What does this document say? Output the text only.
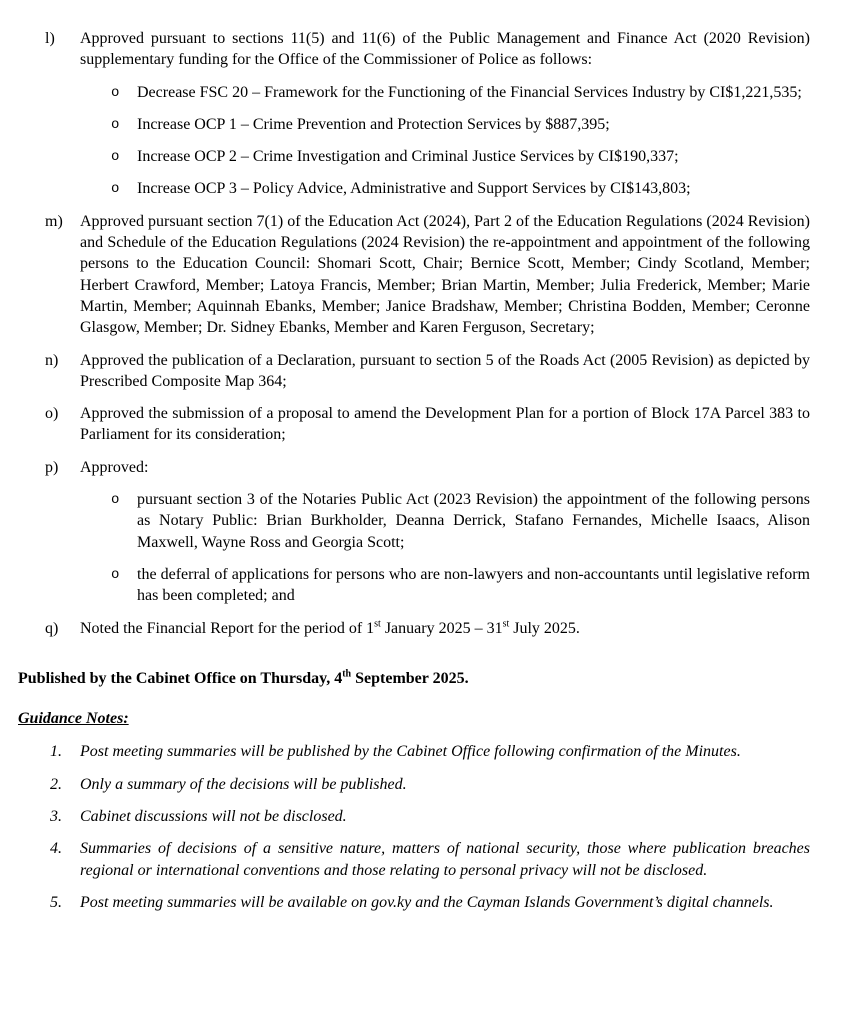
l) Approved pursuant to sections 11(5) and 11(6) of the Public Management and Finance Act (2020 Revision) supplementary funding for the Office of the Commissioner of Police as follows:
o Decrease FSC 20 – Framework for the Functioning of the Financial Services Industry by CI$1,221,535;
o Increase OCP 1 – Crime Prevention and Protection Services by $887,395;
o Increase OCP 2 – Crime Investigation and Criminal Justice Services by CI$190,337;
o Increase OCP 3 – Policy Advice, Administrative and Support Services by CI$143,803;
m) Approved pursuant section 7(1) of the Education Act (2024), Part 2 of the Education Regulations (2024 Revision) and Schedule of the Education Regulations (2024 Revision) the re-appointment and appointment of the following persons to the Education Council: Shomari Scott, Chair; Bernice Scott, Member; Cindy Scotland, Member; Herbert Crawford, Member; Latoya Francis, Member; Brian Martin, Member; Julia Frederick, Member; Marie Martin, Member; Aquinnah Ebanks, Member; Janice Bradshaw, Member; Christina Bodden, Member; Ceronne Glasgow, Member; Dr. Sidney Ebanks, Member and Karen Ferguson, Secretary;
n) Approved the publication of a Declaration, pursuant to section 5 of the Roads Act (2005 Revision) as depicted by Prescribed Composite Map 364;
o) Approved the submission of a proposal to amend the Development Plan for a portion of Block 17A Parcel 383 to Parliament for its consideration;
p) Approved:
o pursuant section 3 of the Notaries Public Act (2023 Revision) the appointment of the following persons as Notary Public: Brian Burkholder, Deanna Derrick, Stafano Fernandes, Michelle Isaacs, Alison Maxwell, Wayne Ross and Georgia Scott;
o the deferral of applications for persons who are non-lawyers and non-accountants until legislative reform has been completed; and
q) Noted the Financial Report for the period of 1st January 2025 – 31st July 2025.

Published by the Cabinet Office on Thursday, 4th September 2025.

Guidance Notes:
1. Post meeting summaries will be published by the Cabinet Office following confirmation of the Minutes.
2. Only a summary of the decisions will be published.
3. Cabinet discussions will not be disclosed.
4. Summaries of decisions of a sensitive nature, matters of national security, those where publication breaches regional or international conventions and those relating to personal privacy will not be disclosed.
5. Post meeting summaries will be available on gov.ky and the Cayman Islands Government’s digital channels.
